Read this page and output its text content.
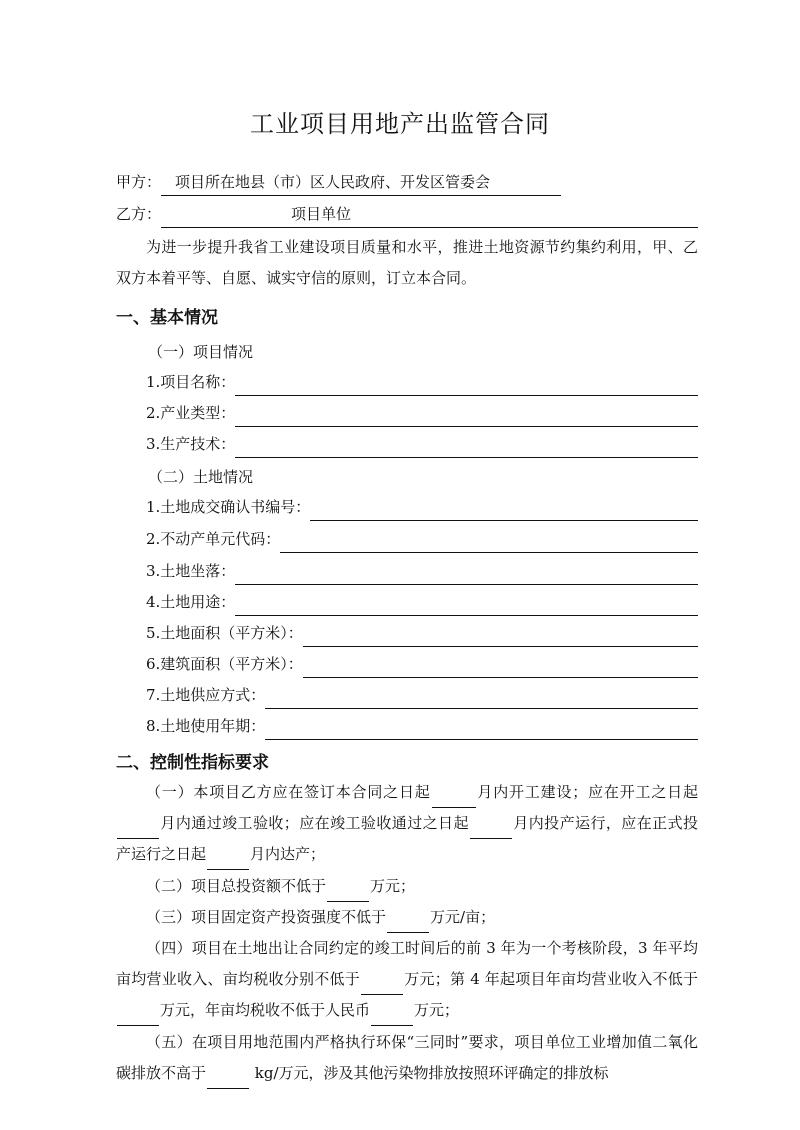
工业项目用地产出监管合同
甲方： 项目所在地县（市）区人民政府、开发区管委会
乙方：	项目单位
为进一步提升我省工业建设项目质量和水平，推进土地资源节约集约利用，甲、乙双方本着平等、自愿、诚实守信的原则，订立本合同。
一、基本情况
（一）项目情况
1.项目名称：
2.产业类型：
3.生产技术：
（二）土地情况
1.土地成交确认书编号：
2.不动产单元代码：
3.土地坐落：
4.土地用途：
5.土地面积（平方米）：
6.建筑面积（平方米）：
7.土地供应方式：
8.土地使用年期：
二、控制性指标要求
（一）本项目乙方应在签订本合同之日起	月内开工建设；应在开工之日起月内通过竣工验收；应在竣工验收通过之日起	月内投产运行，应在正式投产运行之日起	月内达产；
（二）项目总投资额不低于	万元；
（三）项目固定资产投资强度不低于	万元/亩；
（四）项目在土地出让合同约定的竣工时间后的前 3 年为一个考核阶段，3 年平均亩均营业收入、亩均税收分别不低于	万元；第 4 年起项目年亩均营业收入不低于万元，年亩均税收不低于人民币	万元；
（五）在项目用地范围内严格执行环保“三同时”要求，项目单位工业增加值二氧化碳排放不高于	kg/万元，涉及其他污染物排放按照环评确定的排放标
